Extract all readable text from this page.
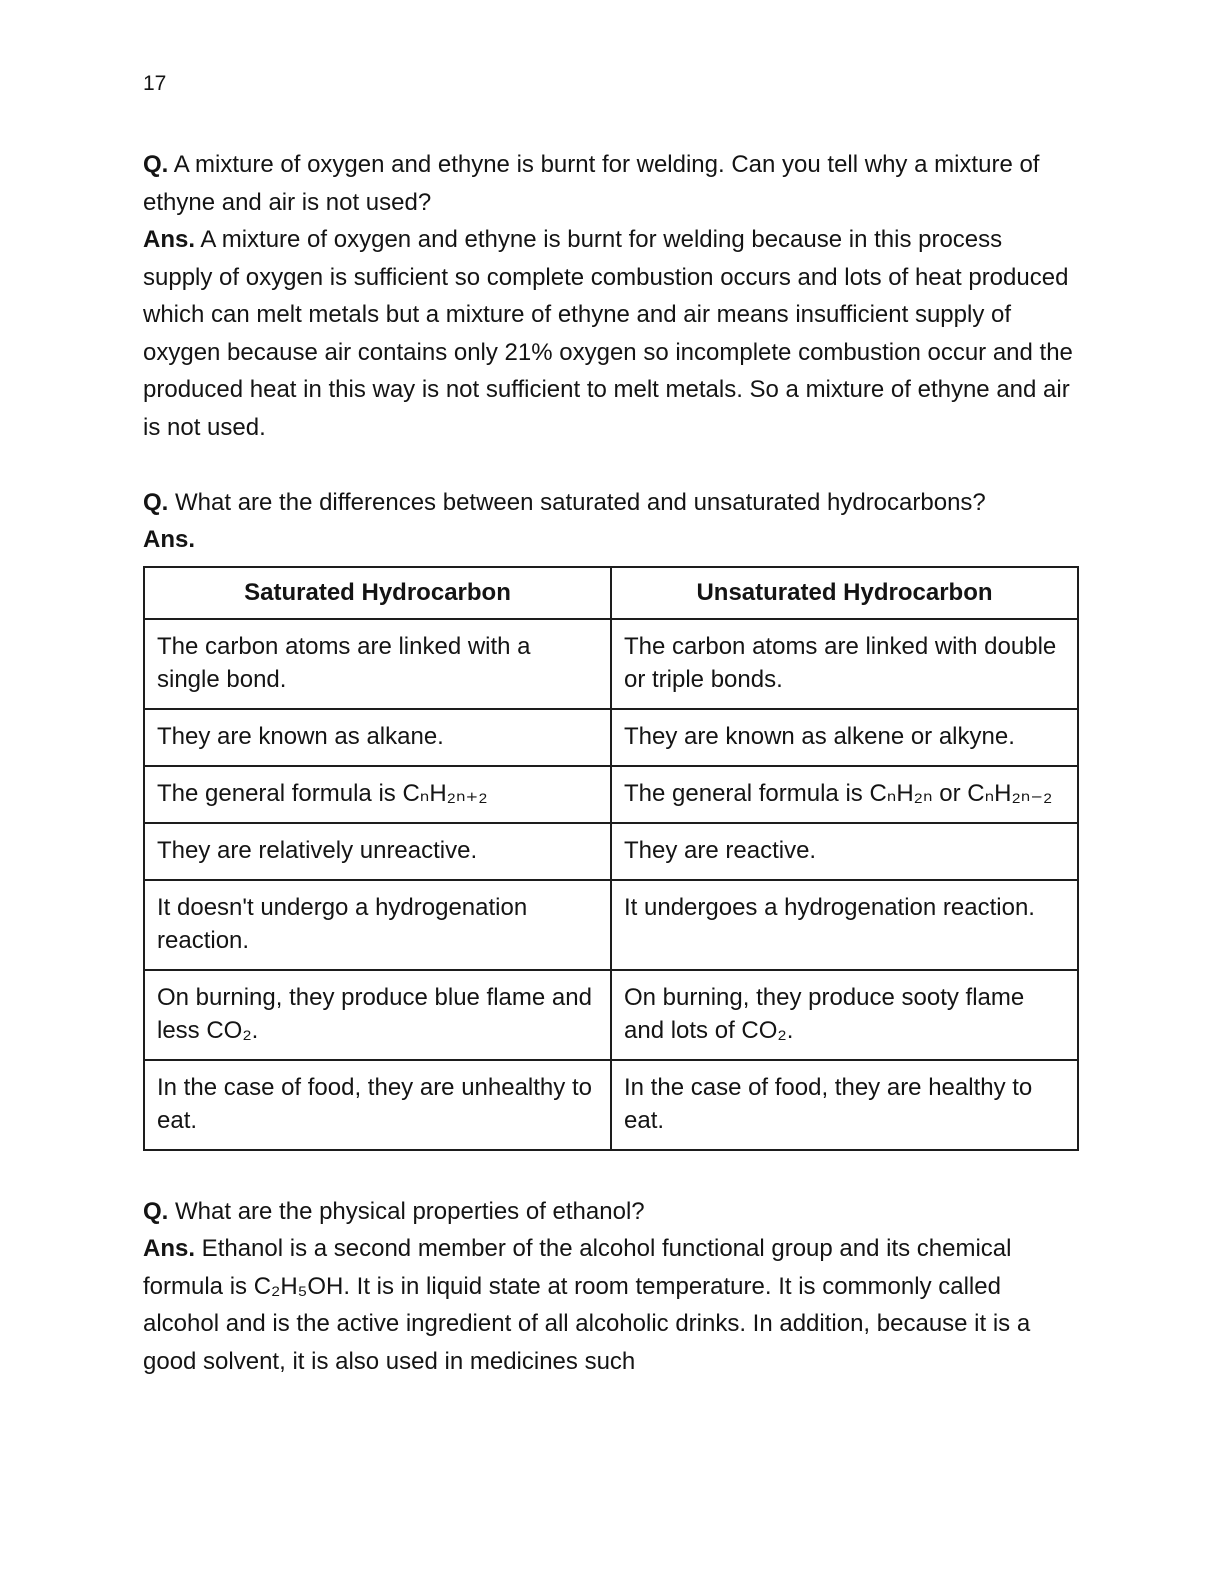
17

Q. A mixture of oxygen and ethyne is burnt for welding. Can you tell why a mixture of ethyne and air is not used?

Ans. A mixture of oxygen and ethyne is burnt for welding because in this process supply of oxygen is sufficient so complete combustion occurs and lots of heat produced which can melt metals but a mixture of ethyne and air means insufficient supply of oxygen because air contains only 21% oxygen so incomplete combustion occur and the produced heat in this way is not sufficient to melt metals. So a mixture of ethyne and air is not used.

Q. What are the differences between saturated and unsaturated hydrocarbons?

Ans.

Saturated Hydrocarbon	Unsaturated Hydrocarbon
The carbon atoms are linked with a single bond.	The carbon atoms are linked with double or triple bonds.
They are known as alkane.	They are known as alkene or alkyne.
The general formula is CₙH₂ₙ₊₂	The general formula is CₙH₂ₙ or CₙH₂ₙ₋₂
They are relatively unreactive.	They are reactive.
It doesn't undergo a hydrogenation reaction.	It undergoes a hydrogenation reaction.
On burning, they produce blue flame and less CO₂.	On burning, they produce sooty flame and lots of CO₂.
In the case of food, they are unhealthy to eat.	In the case of food, they are healthy to eat.

Q. What are the physical properties of ethanol?

Ans. Ethanol is a second member of the alcohol functional group and its chemical formula is C₂H₅OH. It is in liquid state at room temperature. It is commonly called alcohol and is the active ingredient of all alcoholic drinks. In addition, because it is a good solvent, it is also used in medicines such
